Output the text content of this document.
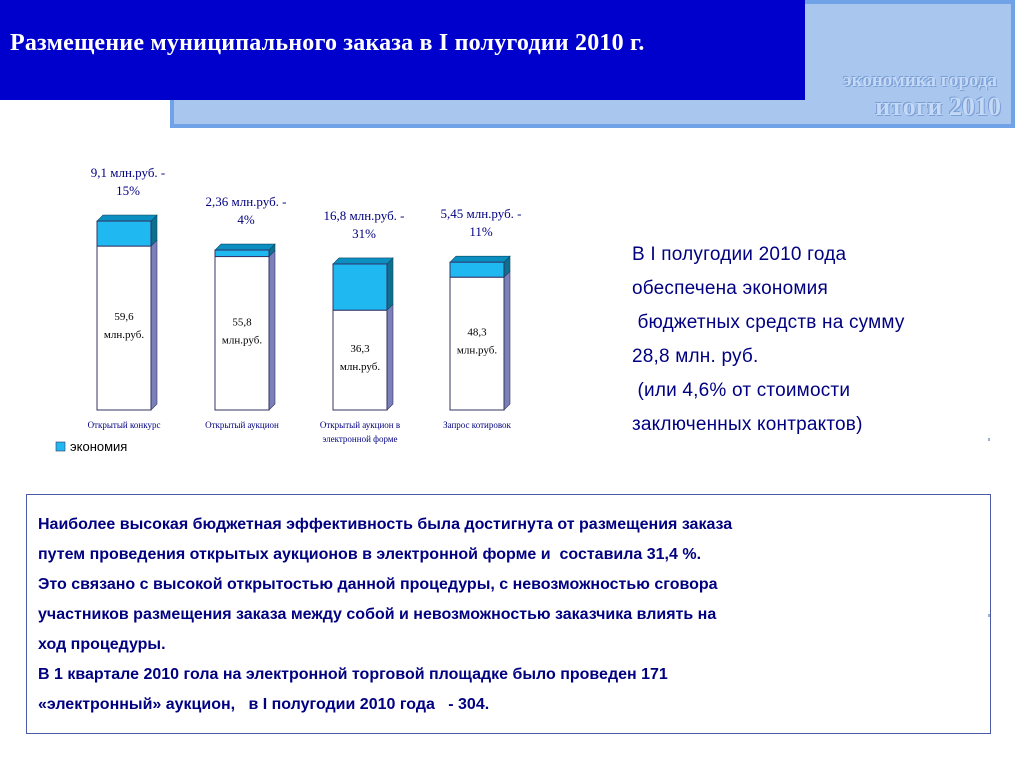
экономика города
итоги 2010
Размещение муниципального заказа в I полугодии 2010 г.
59,6
млн.руб.
9,1 млн.руб. -
15%
Открытый конкурс
55,8
млн.руб.
2,36 млн.руб. -
4%
Открытый аукцион
36,3
млн.руб.
16,8 млн.руб. -
31%
Открытый аукцион в
электронной форме
48,3
млн.руб.
5,45 млн.руб. -
11%
Запрос котировок
экономия
В I полугодии 2010 года
обеспечена экономия
бюджетных средств на сумму
28,8 млн. руб.
(или 4,6% от стоимости
заключенных контрактов)
Наиболее высокая бюджетная эффективность была достигнута от размещения заказа
путем проведения открытых аукционов в электронной форме и  составила 31,4 %.
Это связано с высокой открытостью данной процедуры, с невозможностью сговора
участников размещения заказа между собой и невозможностью заказчика влиять на
ход процедуры.
В 1 квартале 2010 гола на электронной торговой площадке было проведен 171
«электронный» аукцион,   в I полугодии 2010 года   - 304.
